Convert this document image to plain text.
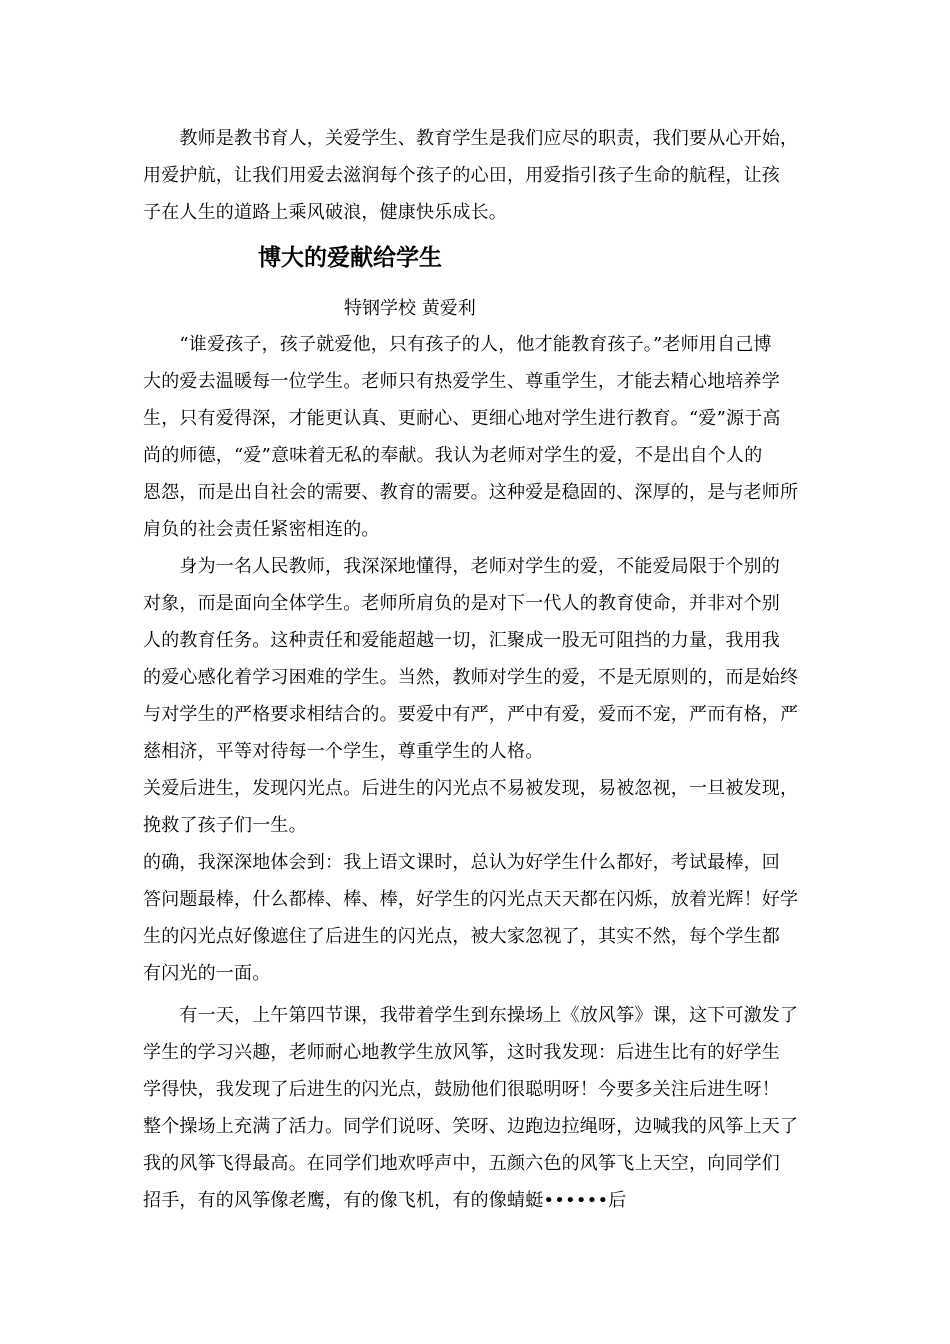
　　教师是教书育人，关爱学生、教育学生是我们应尽的职责，我们要从心开始，
用爱护航，让我们用爱去滋润每个孩子的心田，用爱指引孩子生命的航程，让孩
子在人生的道路上乘风破浪，健康快乐成长。
博大的爱献给学生
特钢学校 黄爱利
　　“谁爱孩子，孩子就爱他，只有孩子的人，他才能教育孩子。”老师用自己博
大的爱去温暖每一位学生。老师只有热爱学生、尊重学生，才能去精心地培养学
生，只有爱得深，才能更认真、更耐心、更细心地对学生进行教育。“爱”源于高
尚的师德，“爱”意味着无私的奉献。我认为老师对学生的爱，不是出自个人的
恩怨，而是出自社会的需要、教育的需要。这种爱是稳固的、深厚的，是与老师所
肩负的社会责任紧密相连的。
　　身为一名人民教师，我深深地懂得，老师对学生的爱，不能爱局限于个别的
对象，而是面向全体学生。老师所肩负的是对下一代人的教育使命，并非对个别
人的教育任务。这种责任和爱能超越一切，汇聚成一股无可阻挡的力量，我用我
的爱心感化着学习困难的学生。当然，教师对学生的爱，不是无原则的，而是始终
与对学生的严格要求相结合的。要爱中有严，严中有爱，爱而不宠，严而有格，严
慈相济，平等对待每一个学生，尊重学生的人格。
关爱后进生，发现闪光点。后进生的闪光点不易被发现，易被忽视，一旦被发现，
挽救了孩子们一生。
的确，我深深地体会到：我上语文课时，总认为好学生什么都好，考试最棒，回
答问题最棒，什么都棒、棒、棒，好学生的闪光点天天都在闪烁，放着光辉！好学
生的闪光点好像遮住了后进生的闪光点，被大家忽视了，其实不然，每个学生都
有闪光的一面。
　　有一天，上午第四节课，我带着学生到东操场上《放风筝》课，这下可激发了
学生的学习兴趣，老师耐心地教学生放风筝，这时我发现：后进生比有的好学生
学得快，我发现了后进生的闪光点，鼓励他们很聪明呀！今要多关注后进生呀！
整个操场上充满了活力。同学们说呀、笑呀、边跑边拉绳呀，边喊我的风筝上天了
我的风筝飞得最高。在同学们地欢呼声中，五颜六色的风筝飞上天空，向同学们
招手，有的风筝像老鹰，有的像飞机，有的像蜻蜓••••••后
